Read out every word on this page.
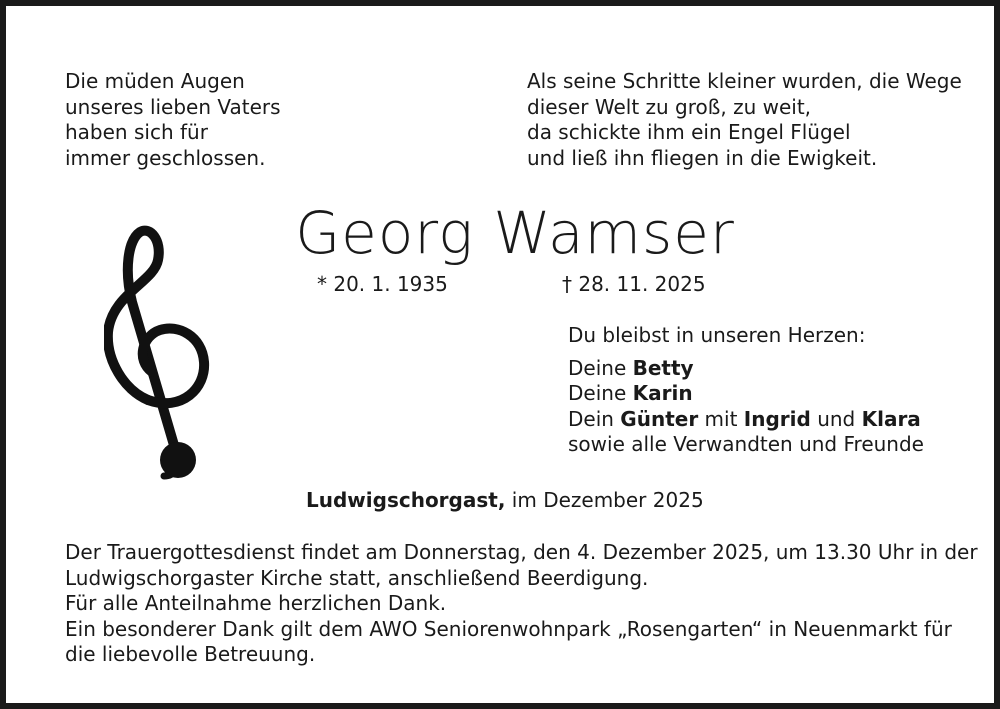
Die müden Augen
unseres lieben Vaters
haben sich für
immer geschlossen.
Als seine Schritte kleiner wurden, die Wege
dieser Welt zu groß, zu weit,
da schickte ihm ein Engel Flügel
und ließ ihn fliegen in die Ewigkeit.
Georg Wamser
* 20. 1. 1935	† 28. 11. 2025
Du bleibst in unseren Herzen:
Deine Betty
Deine Karin
Dein Günter mit Ingrid und Klara
sowie alle Verwandten und Freunde
Ludwigschorgast, im Dezember 2025
Der Trauergottesdienst findet am Donnerstag, den 4. Dezember 2025, um 13.30 Uhr in der
Ludwigschorgaster Kirche statt, anschließend Beerdigung.
Für alle Anteilnahme herzlichen Dank.
Ein besonderer Dank gilt dem AWO Seniorenwohnpark „Rosengarten“ in Neuenmarkt für
die liebevolle Betreuung.
